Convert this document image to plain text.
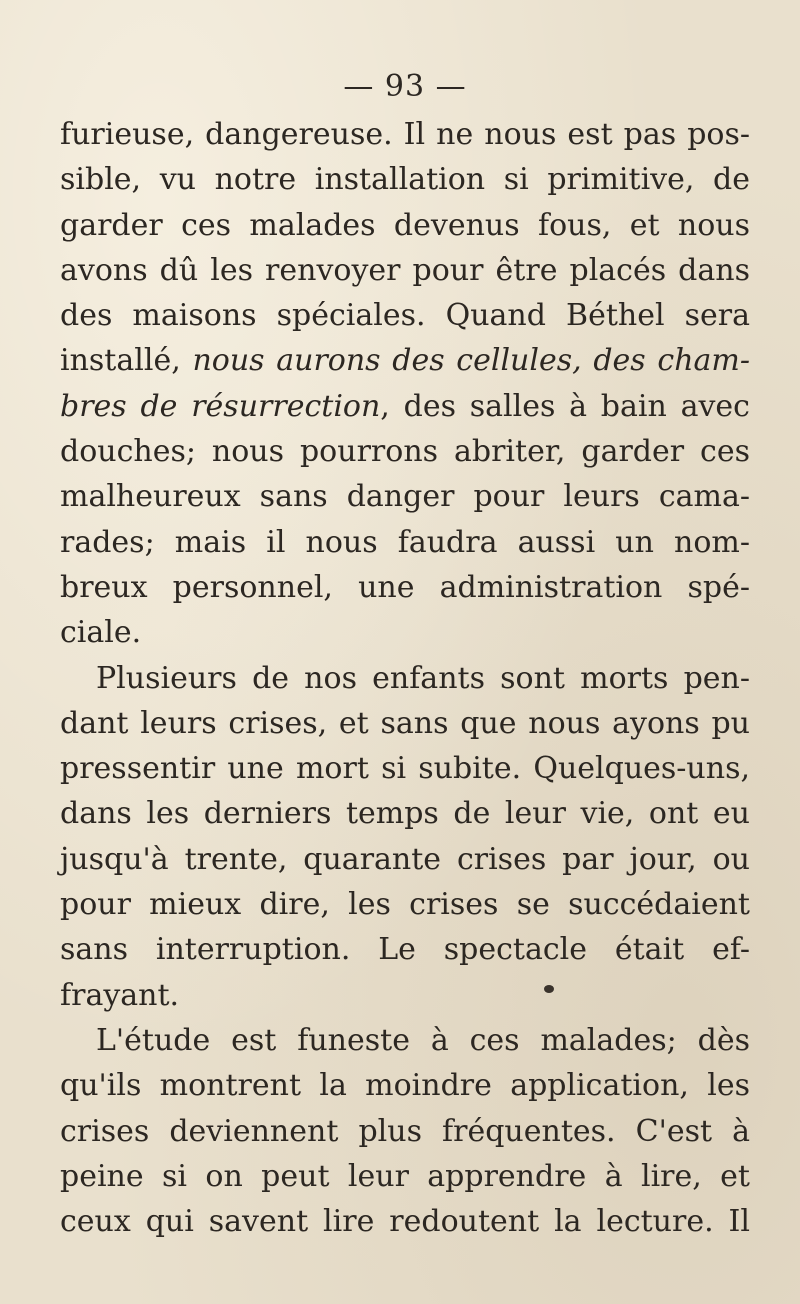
— 93 —
furieuse, dangereuse. Il ne nous est pas pos-
sible, vu notre installation si primitive, de
garder ces malades devenus fous, et nous
avons dû les renvoyer pour être placés dans
des maisons spéciales. Quand Béthel sera
installé, nous aurons des cellules, des cham-
bres de résurrection, des salles à bain avec
douches; nous pourrons abriter, garder ces
malheureux sans danger pour leurs cama-
rades; mais il nous faudra aussi un nom-
breux personnel, une administration spé-
ciale.
Plusieurs de nos enfants sont morts pen-
dant leurs crises, et sans que nous ayons pu
pressentir une mort si subite. Quelques-uns,
dans les derniers temps de leur vie, ont eu
jusqu'à trente, quarante crises par jour, ou
pour mieux dire, les crises se succédaient
sans interruption. Le spectacle était ef-
frayant.
L'étude est funeste à ces malades; dès
qu'ils montrent la moindre application, les
crises deviennent plus fréquentes. C'est à
peine si on peut leur apprendre à lire, et
ceux qui savent lire redoutent la lecture. Il
